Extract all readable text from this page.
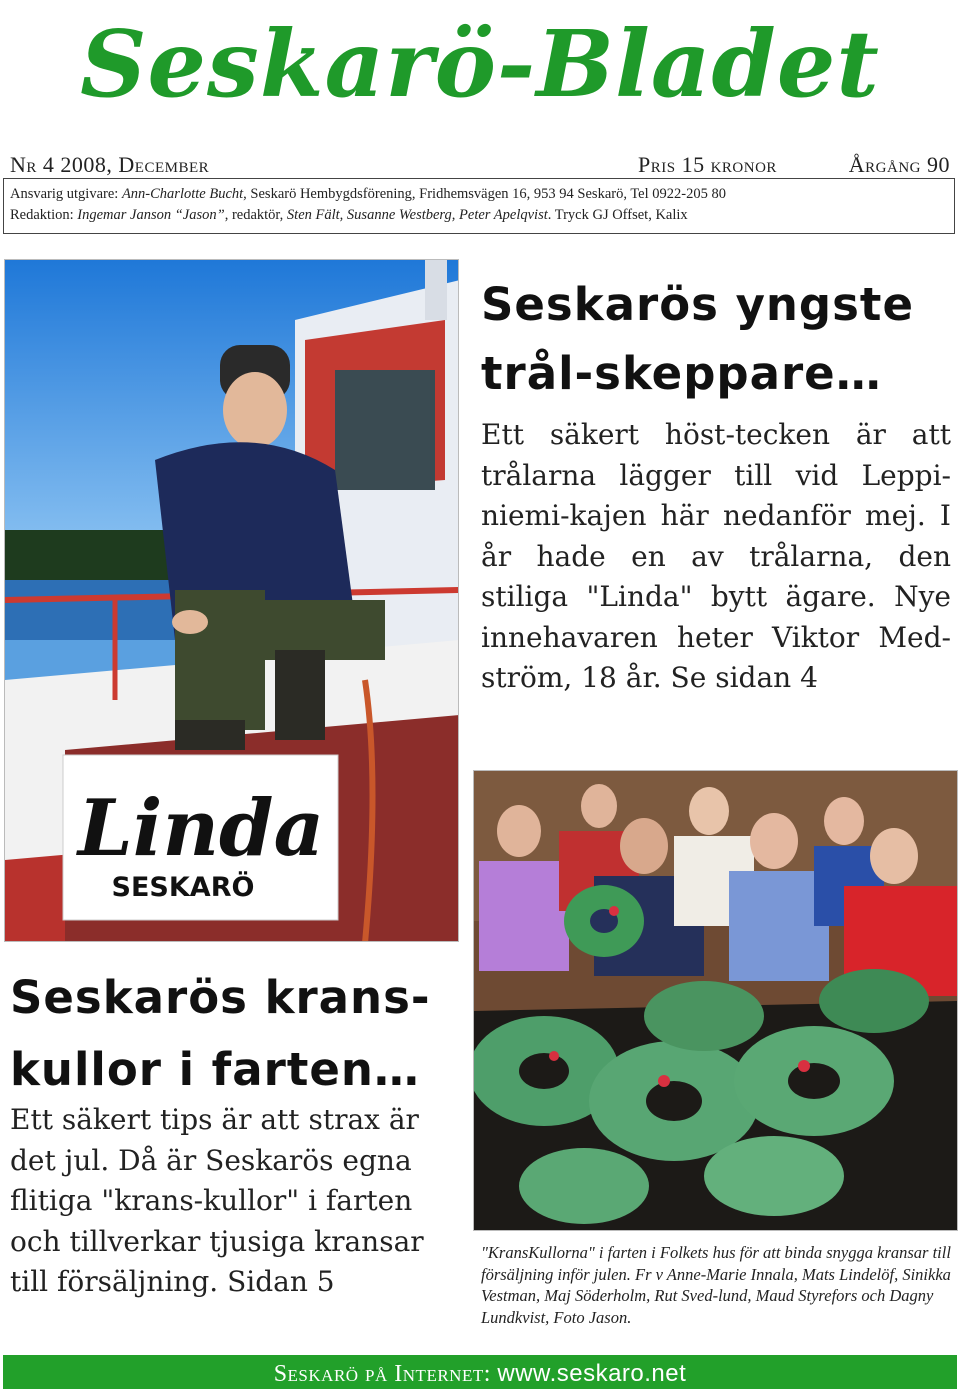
Seskarö-Bladet
Nr 4 2008, December	Pris 15 kronor	Årgång 90
Ansvarig utgivare: Ann-Charlotte Bucht, Seskarö Hembygdsförening, Fridhemsvägen 16, 953 94 Seskarö, Tel 0922-205 80
Redaktion: Ingemar Janson “Jason”, redaktör, Sten Fält, Susanne Westberg, Peter Apelqvist. Tryck GJ Offset, Kalix
Linda
SESKARÖ
Seskarös yngste trål-skeppare…
Ett säkert höst-tecken är att trålarna lägger till vid Leppi-niemi-kajen här nedanför mej. I år hade en av trålarna, den stiliga "Linda" bytt ägare. Nye innehavaren heter Viktor Med-ström, 18 år. Se sidan 4
Seskarös krans-kullor i farten…
Ett säkert tips är att strax är det jul. Då är Seskarös egna flitiga "krans-kullor" i farten och tillverkar tjusiga kransar till försäljning. Sidan 5
"KransKullorna" i farten i Folkets hus för att binda snygga kransar till försäljning inför julen. Fr v Anne-Marie Innala, Mats Lindelöf, Sinikka Vestman, Maj Söderholm, Rut Sved-lund, Maud Styrefors och Dagny Lundkvist, Foto Jason.
Seskarö på Internet: www.seskaro.net
